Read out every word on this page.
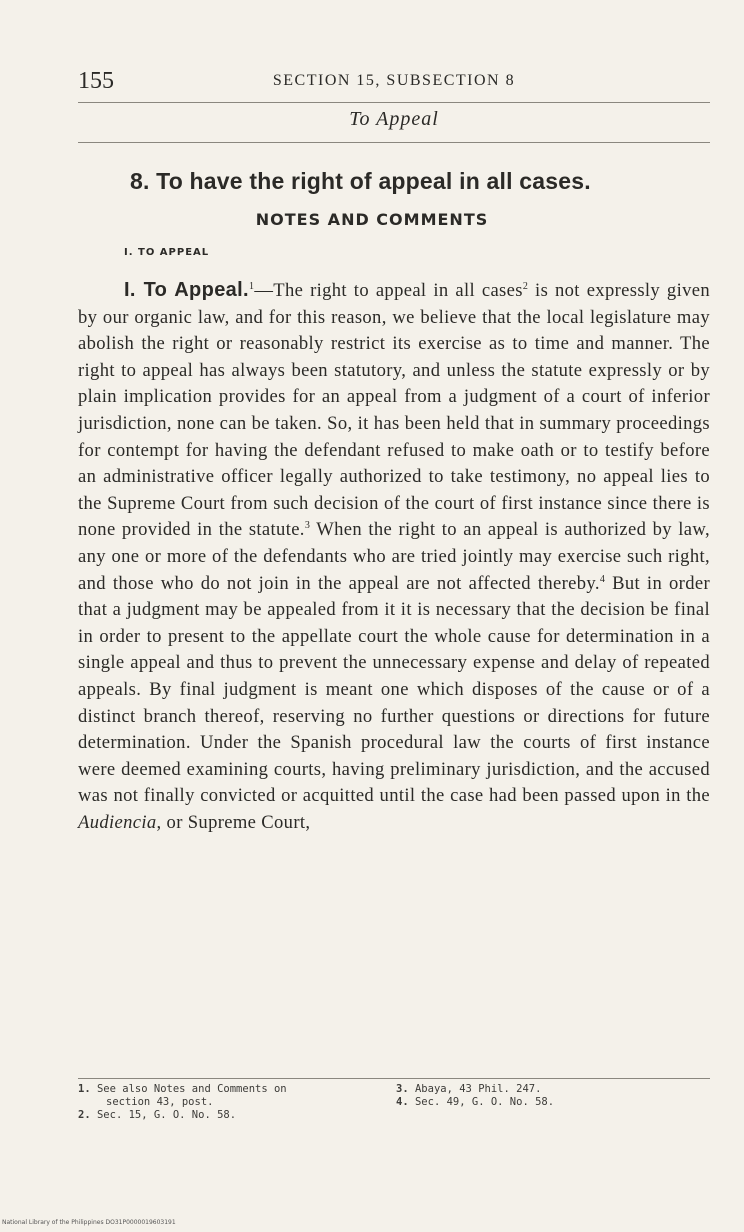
155	SECTION 15, SUBSECTION 8
To Appeal
8. To have the right of appeal in all cases.
NOTES AND COMMENTS
I. TO APPEAL

I. To Appeal.$^1$—The right to appeal in all cases$^2$ is not expressly given by our organic law, and for this reason, we believe that the local legislature may abolish the right or reasonably restrict its exercise as to time and manner. The right to appeal has always been statutory, and unless the statute expressly or by plain implication provides for an appeal from a judgment of a court of inferior jurisdiction, none can be taken. So, it has been held that in summary proceedings for contempt for having the defendant refused to make oath or to testify before an administrative officer legally authorized to take testimony, no appeal lies to the Supreme Court from such decision of the court of first instance since there is none provided in the statute.$^3$ When the right to an appeal is authorized by law, any one or more of the defendants who are tried jointly may exercise such right, and those who do not join in the appeal are not affected thereby.$^4$ But in order that a judgment may be appealed from it it is necessary that the decision be final in order to present to the appellate court the whole cause for determination in a single appeal and thus to prevent the unnecessary expense and delay of repeated appeals. By final judgment is meant one which disposes of the cause or of a distinct branch thereof, reserving no further questions or directions for future determination. Under the Spanish procedural law the courts of first instance were deemed examining courts, having preliminary jurisdiction, and the accused was not finally convicted or acquitted until the case had been passed upon in the Audiencia, or Supreme Court,

1. See also Notes and Comments on
section 43, post.

2. Sec. 15, G. O. No. 58.

3. Abaya, 43 Phil. 247.

4. Sec. 49, G. O. No. 58.

National Library of the Philippines DO31P0000019603191
